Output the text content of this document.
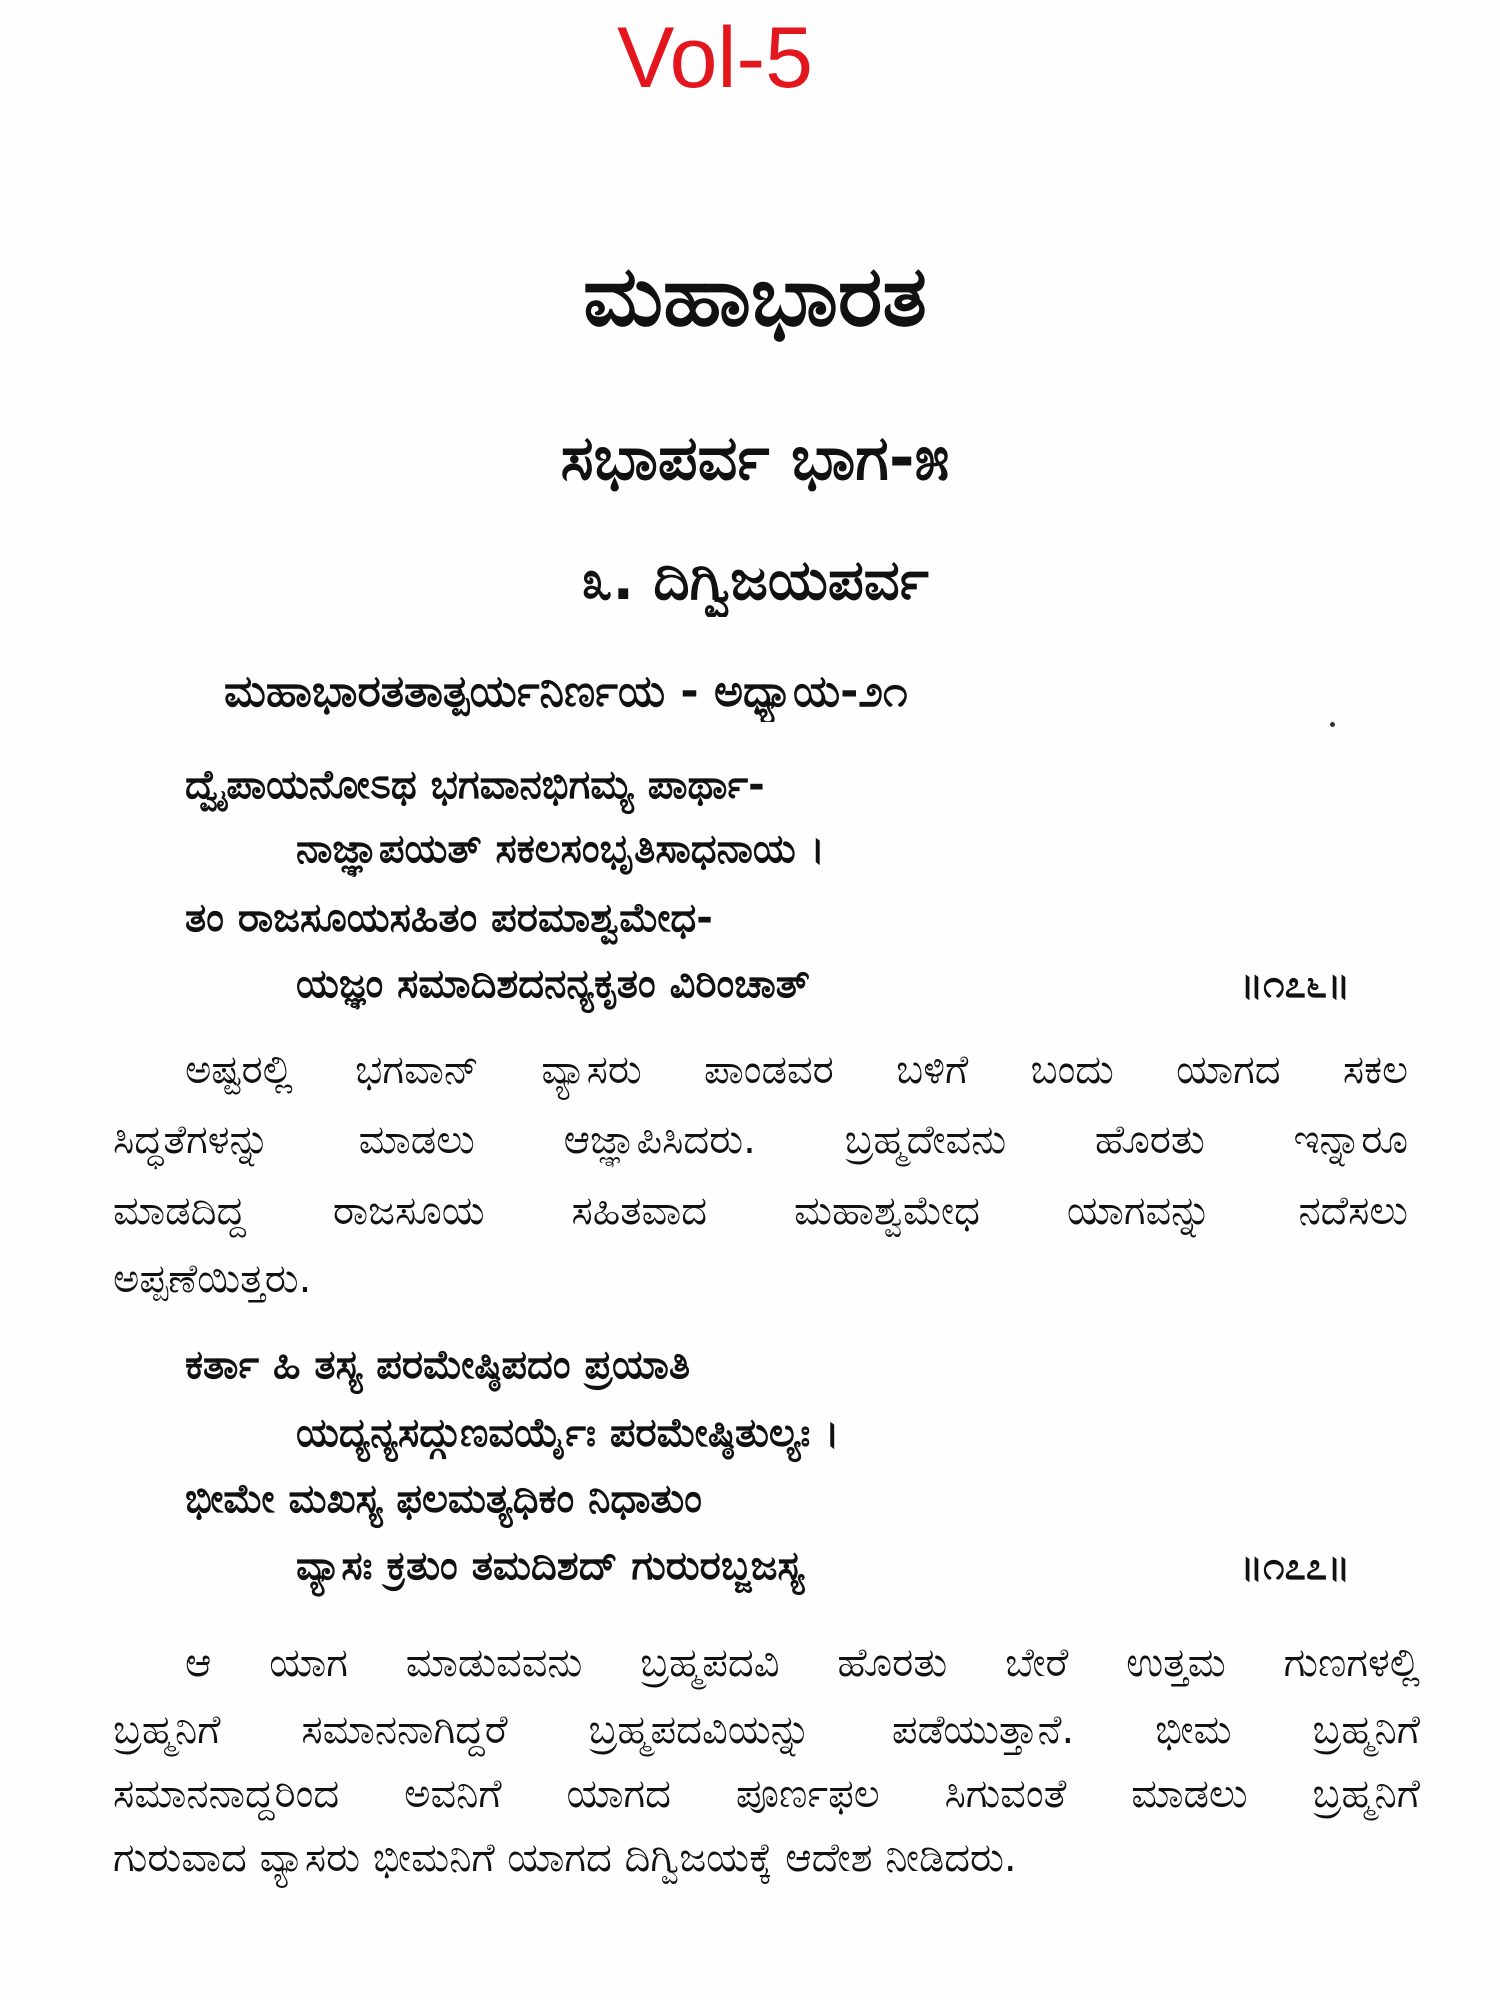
Vol-5
ಮಹಾಭಾರತ
ಸಭಾಪರ್ವ ಭಾಗ-೫
೩. ದಿಗ್ವಿಜಯಪರ್ವ
ಮಹಾಭಾರತತಾತ್ಪರ್ಯನಿರ್ಣಯ - ಅಧ್ಯಾಯ-೨೧
ದ್ವೈಪಾಯನೋಽಥ ಭಗವಾನಭಿಗಮ್ಯ ಪಾರ್ಥಾ-
ನಾಜ್ಞಾಪಯತ್ ಸಕಲಸಂಭೃತಿಸಾಧನಾಯ ।
ತಂ ರಾಜಸೂಯಸಹಿತಂ ಪರಮಾಶ್ವಮೇಧ-
ಯಜ್ಞಂ ಸಮಾದಿಶದನನ್ಯಕೃತಂ ವಿರಿಂಚಾತ್	॥೧೭೬॥
ಅಷ್ಟರಲ್ಲಿ ಭಗವಾನ್ ವ್ಯಾಸರು ಪಾಂಡವರ ಬಳಿಗೆ ಬಂದು ಯಾಗದ ಸಕಲ
ಸಿದ್ಧತೆಗಳನ್ನು ಮಾಡಲು ಆಜ್ಞಾಪಿಸಿದರು. ಬ್ರಹ್ಮದೇವನು ಹೊರತು ಇನ್ನಾರೂ
ಮಾಡದಿದ್ದ ರಾಜಸೂಯ ಸಹಿತವಾದ ಮಹಾಶ್ವಮೇಧ ಯಾಗವನ್ನು ನದೆಸಲು
ಅಪ್ಪಣೆಯಿತ್ತರು.
ಕರ್ತಾ ಹಿ ತಸ್ಯ ಪರಮೇಷ್ಠಿಪದಂ ಪ್ರಯಾತಿ
ಯದ್ಯನ್ಯಸದ್ಗುಣವರ್ಯೈಃ ಪರಮೇಷ್ಠಿತುಲ್ಯಃ ।
ಭೀಮೇ ಮಖಸ್ಯ ಫಲಮತ್ಯಧಿಕಂ ನಿಧಾತುಂ
ವ್ಯಾಸಃ ಕ್ರತುಂ ತಮದಿಶದ್ ಗುರುರಬ್ಜಜಸ್ಯ	॥೧೭೭॥
ಆ ಯಾಗ ಮಾಡುವವನು ಬ್ರಹ್ಮಪದವಿ ಹೊರತು ಬೇರೆ ಉತ್ತಮ ಗುಣಗಳಲ್ಲಿ
ಬ್ರಹ್ಮನಿಗೆ ಸಮಾನನಾಗಿದ್ದರೆ ಬ್ರಹ್ಮಪದವಿಯನ್ನು ಪಡೆಯುತ್ತಾನೆ. ಭೀಮ ಬ್ರಹ್ಮನಿಗೆ
ಸಮಾನನಾದ್ದರಿಂದ ಅವನಿಗೆ ಯಾಗದ ಪೂರ್ಣಫಲ ಸಿಗುವಂತೆ ಮಾಡಲು ಬ್ರಹ್ಮನಿಗೆ
ಗುರುವಾದ ವ್ಯಾಸರು ಭೀಮನಿಗೆ ಯಾಗದ ದಿಗ್ವಿಜಯಕ್ಕೆ ಆದೇಶ ನೀಡಿದರು.
